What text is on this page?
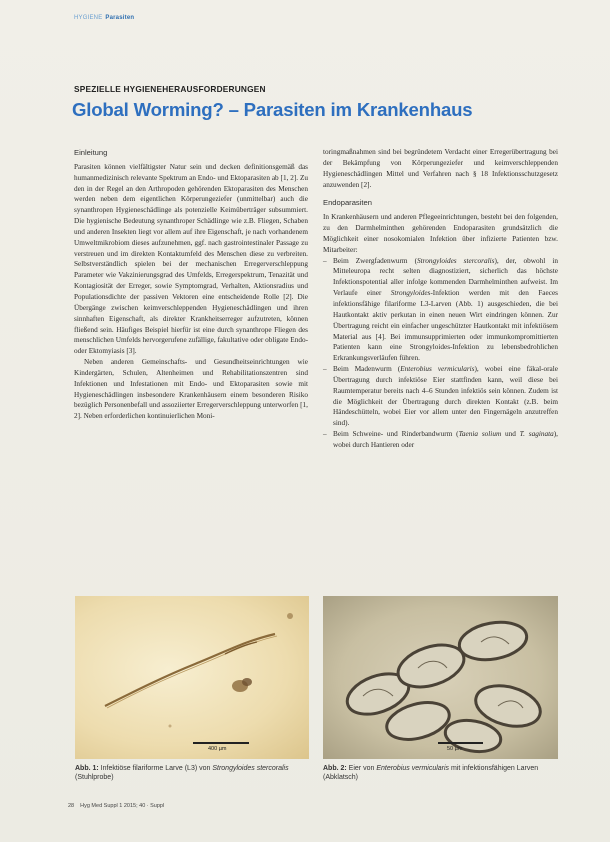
HYGIENE Parasiten
SPEZIELLE HYGIENEHERAUSFORDERUNGEN
Global Worming? – Parasiten im Krankenhaus
Einleitung

Parasiten können vielfältigster Natur sein und decken definitionsgemäß das humanmedizinisch relevante Spektrum an Endo- und Ektoparasiten ab [1, 2]. Zu den in der Regel an den Arthropoden gehörenden Ektoparasiten des Menschen werden neben dem eigentlichen Körperungeziefer (unmittelbar) auch die synanthropen Hygieneschädlinge als potenzielle Keimüberträger subsummiert. Die hygienische Bedeutung synanthroper Schädlinge wie z.B. Fliegen, Schaben und anderen Insekten liegt vor allem auf ihre Eigenschaft, je nach vorhandenem Umweltmikrobiom dieses aufzunehmen, ggf. nach gastrointestinaler Passage zu verstreuen und im direkten Kontaktumfeld des Menschen diese zu verbreiten. Selbstverständlich spielen bei der mechanischen Erregerverschleppung Parameter wie Vakzinierungsgrad des Umfelds, Erregerspektrum, Tenazität und Kontagiosität der Erreger, sowie Symptomgrad, Verhalten, Aktionsradius und Populationsdichte der passiven Vektoren eine entscheidende Rolle [2]. Die Übergänge zwischen keimverschleppenden Hygieneschädlingen und ihren sinnhaften Eigenschaft, als direkter Krankheitserreger aufzutreten, können fließend sein. Häufiges Beispiel hierfür ist eine durch synanthrope Fliegen des menschlichen Umfelds hervorgerufene zufällige, fakultative oder obligate Endo- oder Ektomyiasis [3].

Neben anderen Gemeinschafts- und Gesundheitseinrichtungen wie Kindergärten, Schulen, Altenheimen und Rehabilitationszentren sind Infektionen und Infestationen mit Endo- und Ektoparasiten sowie mit Hygieneschädlingen insbesondere Krankenhäusern einem besonderen Risiko bezüglich Personenbefall und assoziierter Erregerverschleppung unterworfen [1, 2]. Neben erforderlichen kontinuierlichen Moni-

toringmaßnahmen sind bei begründetem Verdacht einer Erregerübertragung bei der Bekämpfung von Körperungeziefer und keimverschleppenden Hygieneschädlingen Mittel und Verfahren nach § 18 Infektionsschutzgesetz anzuwenden [2].

Endoparasiten

In Krankenhäusern und anderen Pflegeeinrichtungen, besteht bei den folgenden, zu den Darmhelminthen gehörenden Endoparasiten grundsätzlich die Möglichkeit einer nosokomialen Infektion über infizierte Patienten bzw. Mitarbeiter:

– Beim Zwergfadenwurm (Strongyloides stercoralis), der, obwohl in Mitteleuropa recht selten diagnostiziert, sicherlich das höchste Infektionspotential aller infolge kommenden Darmhelminthen aufweist. Im Verlaufe einer Strongyloides-Infektion werden mit den Faeces infektionsfähige filariforme L3-Larven (Abb. 1) ausgeschieden, die bei Hautkontakt aktiv perkutan in einen neuen Wirt eindringen können. Zur Übertragung reicht ein einfacher ungeschützter Hautkontakt mit infektiösem Material aus [4]. Bei immunsupprimierten oder immunkompromittierten Patienten kann eine Strongyloides-Infektion zu lebensbedrohlichen Erkrankungsverläufen führen.
– Beim Madenwurm (Enterobius vermicularis), wobei eine fäkal-orale Übertragung durch infektiöse Eier stattfinden kann, weil diese bei Raumtemperatur bereits nach 4–6 Stunden infektiös sein können. Zudem ist die Möglichkeit der Übertragung durch direkten Kontakt (z.B. beim Händeschütteln, wobei Eier vor allem unter den Fingernägeln anzutreffen sind).
– Beim Schweine- und Rinderbandwurm (Taenia solium und T. saginata), wobei durch Hantieren oder
400 µm	50 µm
Abb. 1: Infektiöse filariforme Larve (L3) von Strongyloides stercoralis (Stuhlprobe)
Abb. 2: Eier von Enterobius vermicularis mit infektionsfähigen Larven (Abklatsch)
28 Hyg Med Suppl 1 2015; 40 · Suppl
